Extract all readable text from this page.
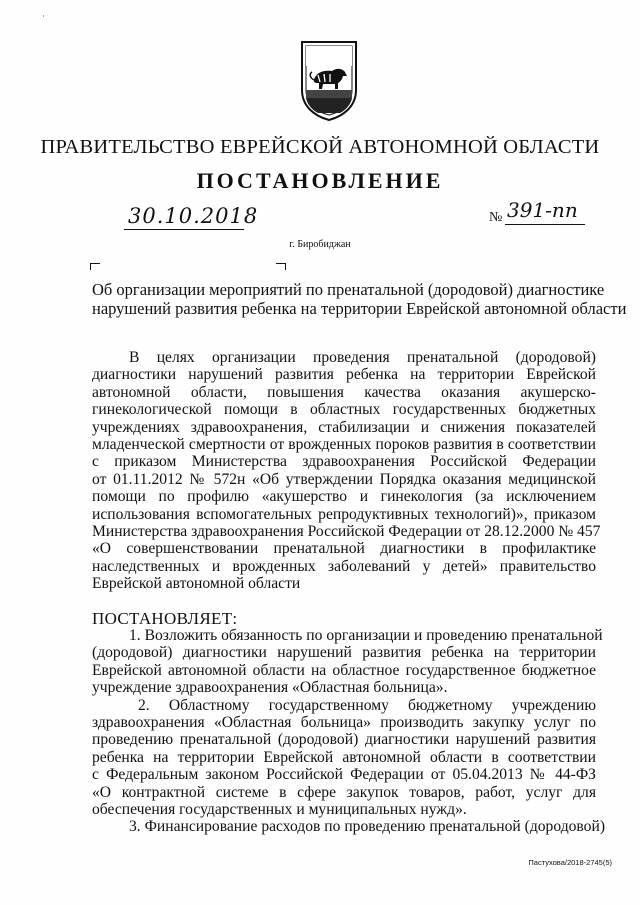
˙
ПРАВИТЕЛЬСТВО ЕВРЕЙСКОЙ АВТОНОМНОЙ ОБЛАСТИ
ПОСТАНОВЛЕНИЕ
30.10.2018	№ 391-пп
г. Биробиджан
Об организации мероприятий по пренатальной (дородовой) диагностике
нарушений развития ребенка на территории Еврейской автономной области
В целях организации проведения пренатальной (дородовой)
диагностики нарушений развития ребенка на территории Еврейской
автономной области, повышения качества оказания акушерско-
гинекологической помощи в областных государственных бюджетных
учреждениях здравоохранения, стабилизации и снижения показателей
младенческой смертности от врожденных пороков развития в соответствии
с приказом Министерства здравоохранения Российской Федерации
от 01.11.2012 № 572н «Об утверждении Порядка оказания медицинской
помощи по профилю «акушерство и гинекология (за исключением
использования вспомогательных репродуктивных технологий)», приказом
Министерства здравоохранения Российской Федерации от 28.12.2000 № 457
«О совершенствовании пренатальной диагностики в профилактике
наследственных и врожденных заболеваний у детей» правительство
Еврейской автономной области
ПОСТАНОВЛЯЕТ:
1. Возложить обязанность по организации и проведению пренатальной
(дородовой) диагностики нарушений развития ребенка на территории
Еврейской автономной области на областное государственное бюджетное
учреждение здравоохранения «Областная больница».
2. Областному государственному бюджетному учреждению
здравоохранения «Областная больница» производить закупку услуг по
проведению пренатальной (дородовой) диагностики нарушений развития
ребенка на территории Еврейской автономной области в соответствии
с Федеральным законом Российской Федерации от 05.04.2013 № 44-ФЗ
«О контрактной системе в сфере закупок товаров, работ, услуг для
обеспечения государственных и муниципальных нужд».
3. Финансирование расходов по проведению пренатальной (дородовой)
Пастухова/2018-2745(5)
